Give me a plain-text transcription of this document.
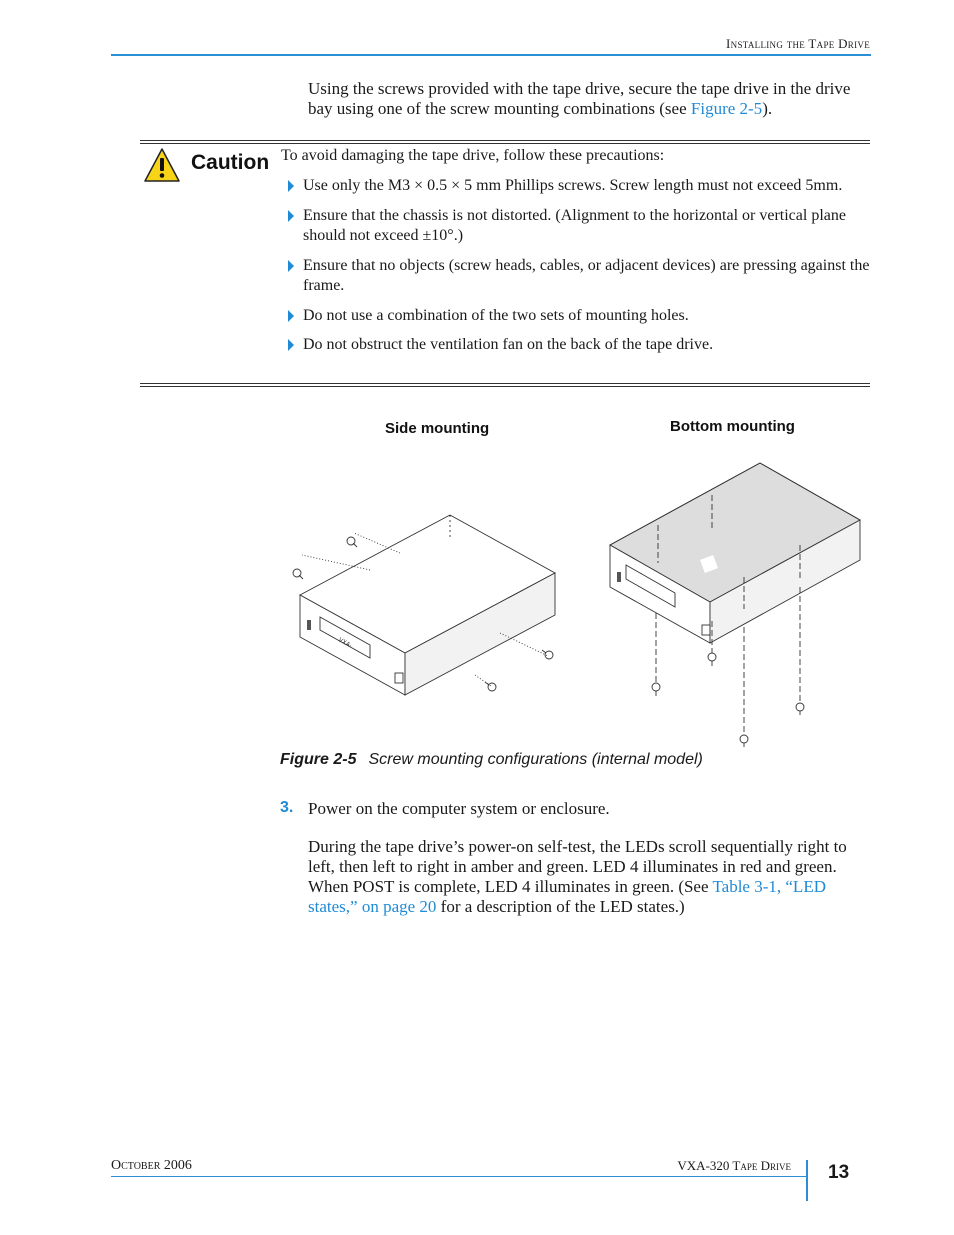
Installing the Tape Drive
Using the screws provided with the tape drive, secure the tape drive in the drive bay using one of the screw mounting combinations (see Figure 2-5).
Caution To avoid damaging the tape drive, follow these precautions:
Use only the M3 × 0.5 × 5 mm Phillips screws. Screw length must not exceed 5mm.
Ensure that the chassis is not distorted. (Alignment to the horizontal or vertical plane should not exceed ±10°.)
Ensure that no objects (screw heads, cables, or adjacent devices) are pressing against the frame.
Do not use a combination of the two sets of mounting holes.
Do not obstruct the ventilation fan on the back of the tape drive.
Side mounting	Bottom mounting
VXA-
Figure 2-5 Screw mounting configurations (internal model)
3. Power on the computer system or enclosure.
During the tape drive’s power-on self-test, the LEDs scroll sequentially right to left, then left to right in amber and green. LED 4 illuminates in red and green. When POST is complete, LED 4 illuminates in green. (See Table 3-1, “LED states,” on page 20 for a description of the LED states.)
October 2006	VXA-320 Tape Drive 13
